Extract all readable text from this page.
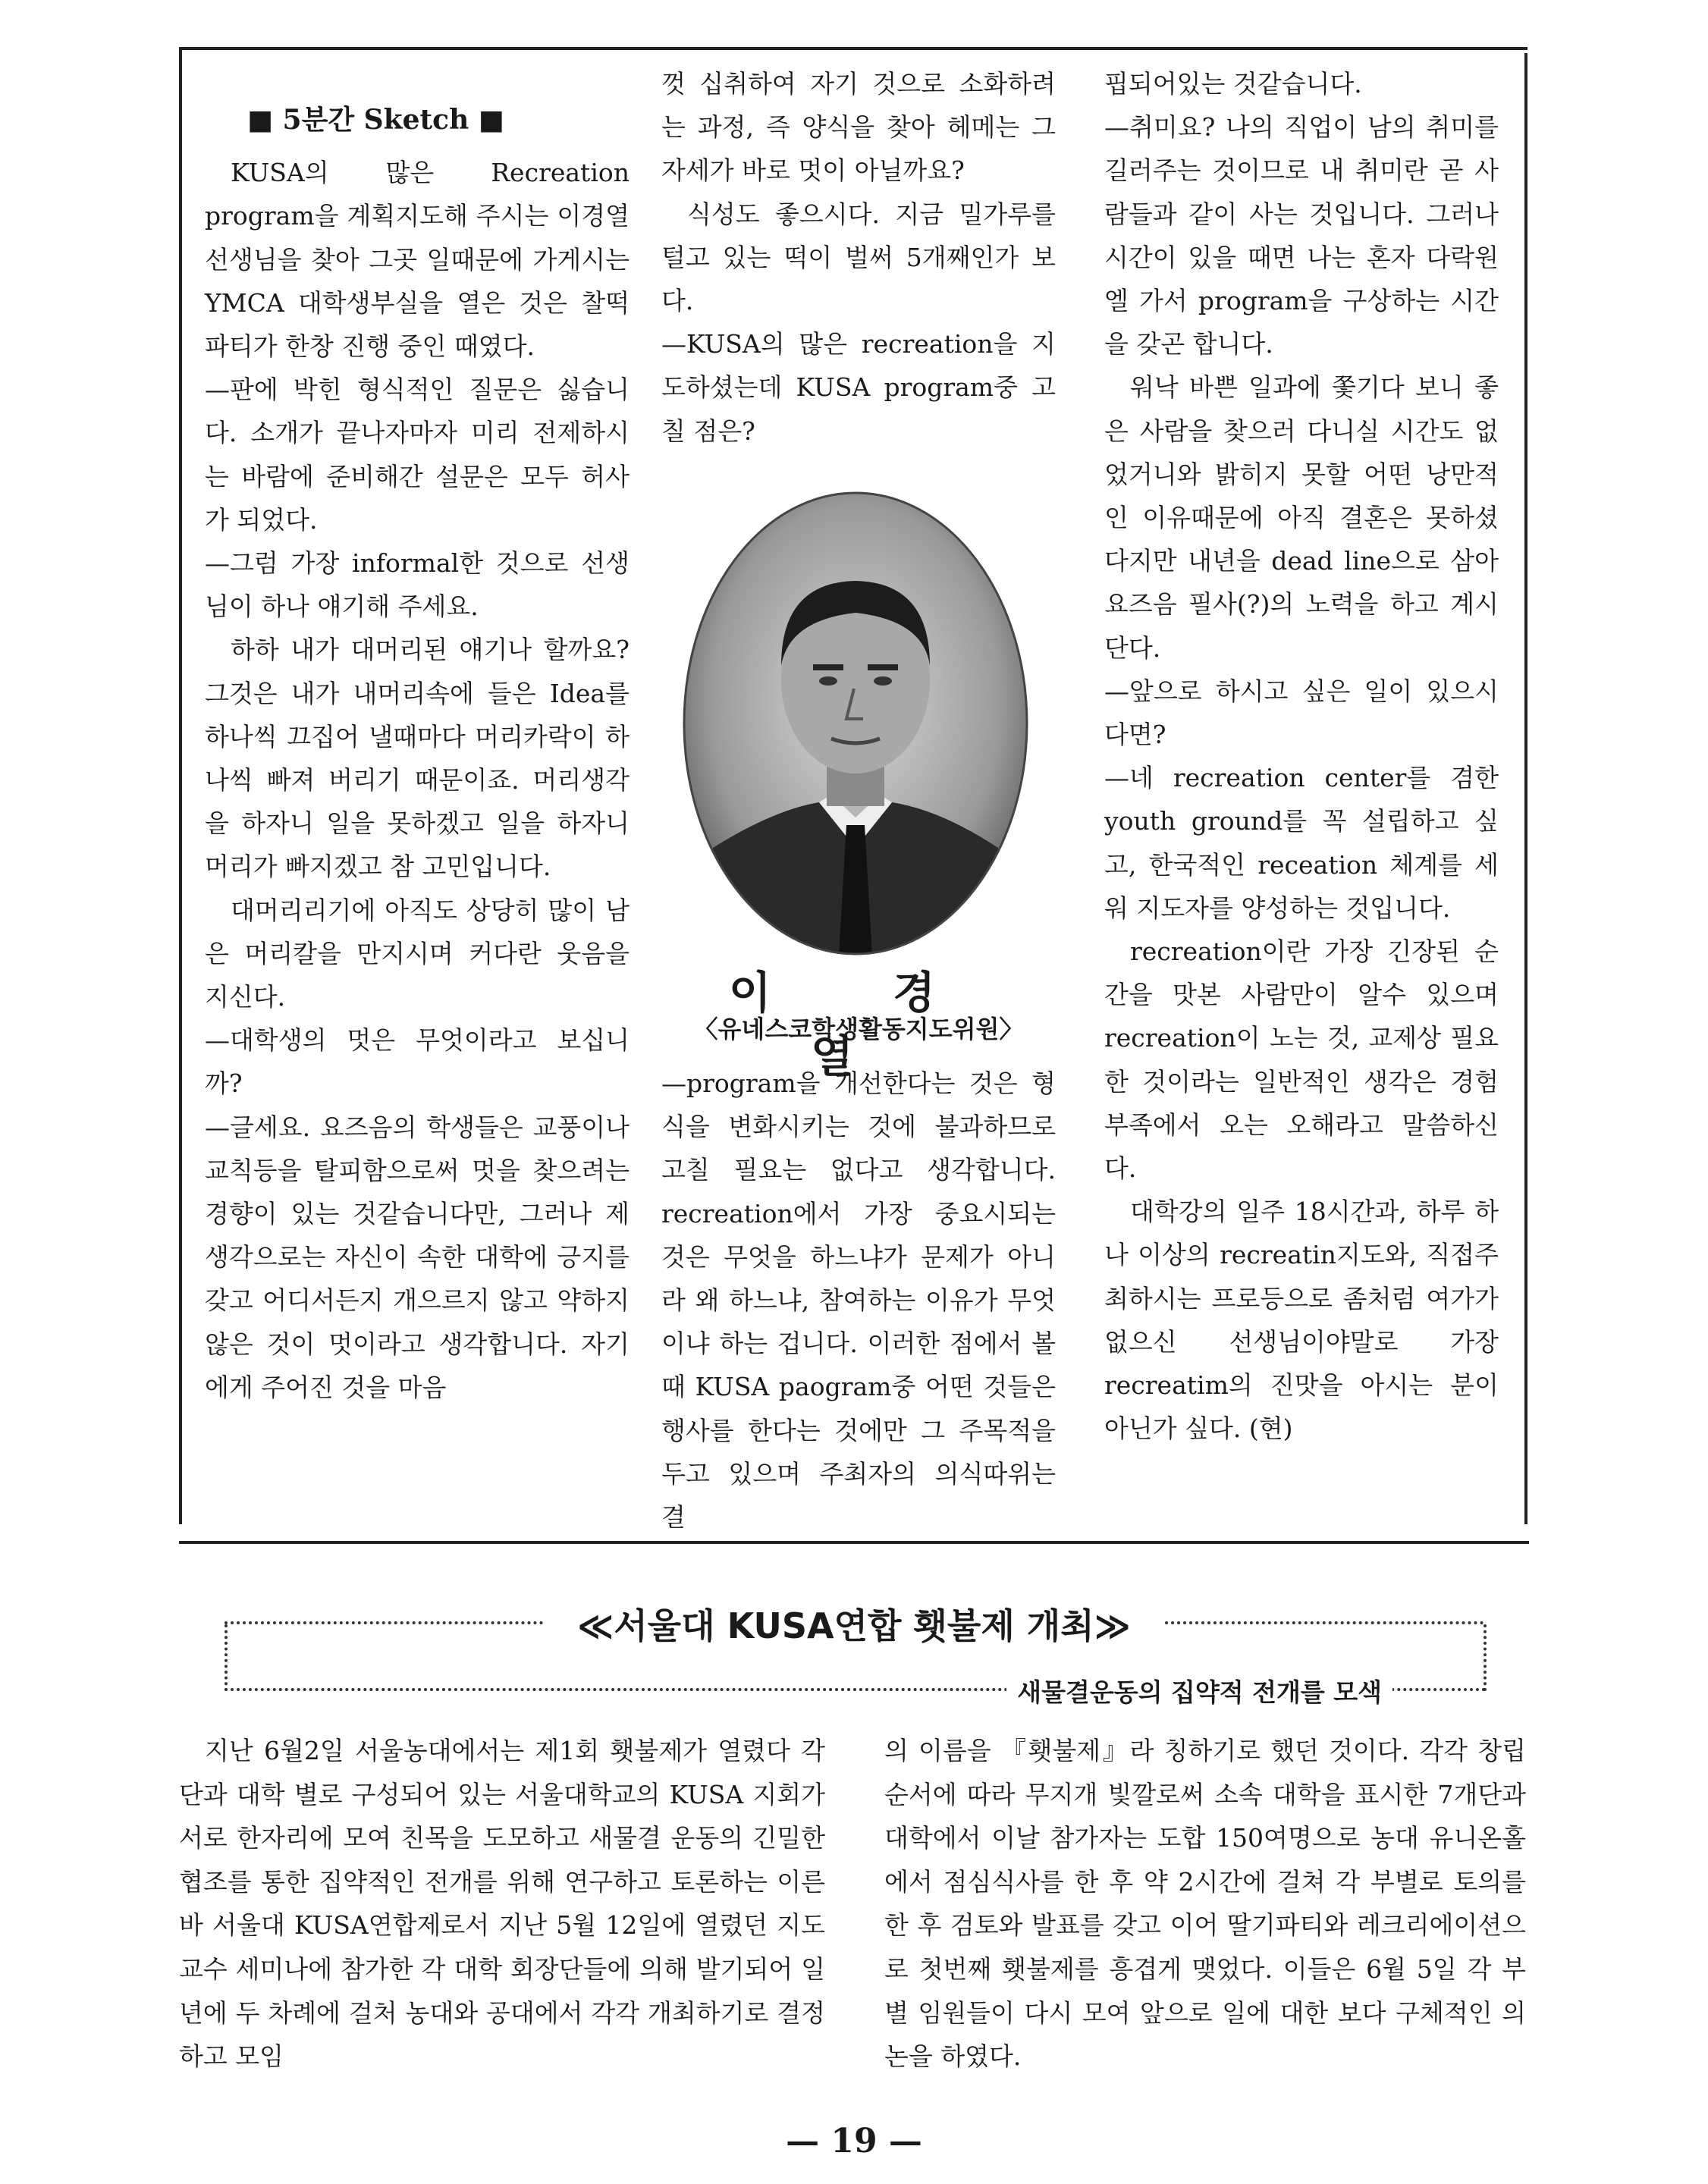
■ 5분간 Sketch ■

KUSA의 많은 Recreation program을 계획지도해 주시는 이경열선생님을 찾아 그곳 일때문에 가게시는 YMCA 대학생부실을 열은 것은 찰떡파티가 한창 진행 중인 때였다.

—판에 박힌 형식적인 질문은 싫습니다. 소개가 끝나자마자 미리 전제하시는 바람에 준비해간 설문은 모두 허사가 되었다.

—그럼 가장 informal한 것으로 선생님이 하나 얘기해 주세요.

하하 내가 대머리된 얘기나 할까요? 그것은 내가 내머리속에 들은 Idea를 하나씩 끄집어 낼때마다 머리카락이 하나씩 빠져 버리기 때문이죠. 머리생각을 하자니 일을 못하겠고 일을 하자니 머리가 빠지겠고 참 고민입니다.

대머리리기에 아직도 상당히 많이 남은 머리칼을 만지시며 커다란 웃음을 지신다.

—대학생의 멋은 무엇이라고 보십니까?

—글세요. 요즈음의 학생들은 교풍이나 교칙등을 탈피함으로써 멋을 찾으려는 경향이 있는 것같습니다만, 그러나 제생각으로는 자신이 속한 대학에 긍지를 갖고 어디서든지 개으르지 않고 약하지 않은 것이 멋이라고 생각합니다. 자기에게 주어진 것을 마음

껏 십취하여 자기 것으로 소화하려는 과정, 즉 양식을 찾아 헤메는 그 자세가 바로 멋이 아닐까요?

식성도 좋으시다. 지금 밀가루를 털고 있는 떡이 벌써 5개째인가 보다.

—KUSA의 많은 recreation을 지도하셨는데 KUSA program중 고칠 점은?

이 경 열
〈유네스코학생활동지도위원〉

—program을 개선한다는 것은 형식을 변화시키는 것에 불과하므로 고칠 필요는 없다고 생각합니다. recreation에서 가장 중요시되는 것은 무엇을 하느냐가 문제가 아니라 왜 하느냐, 참여하는 이유가 무엇이냐 하는 겁니다. 이러한 점에서 볼때 KUSA paogram중 어떤 것들은 행사를 한다는 것에만 그 주목적을 두고 있으며 주최자의 의식따위는 결

핍되어있는 것같습니다.

—취미요? 나의 직업이 남의 취미를 길러주는 것이므로 내 취미란 곧 사람들과 같이 사는 것입니다. 그러나 시간이 있을 때면 나는 혼자 다락원엘 가서 program을 구상하는 시간을 갖곤 합니다.

워낙 바쁜 일과에 쫓기다 보니 좋은 사람을 찾으러 다니실 시간도 없었거니와 밝히지 못할 어떤 낭만적인 이유때문에 아직 결혼은 못하셨다지만 내년을 dead line으로 삼아 요즈음 필사(?)의 노력을 하고 계시단다.

—앞으로 하시고 싶은 일이 있으시다면?

—네 recreation center를 겸한 youth ground를 꼭 설립하고 싶고, 한국적인 receation 체계를 세워 지도자를 양성하는 것입니다.

recreation이란 가장 긴장된 순간을 맛본 사람만이 알수 있으며 recreation이 노는 것, 교제상 필요한 것이라는 일반적인 생각은 경험부족에서 오는 오해라고 말씀하신다.

대학강의 일주 18시간과, 하루 하나 이상의 recreatin지도와, 직접주최하시는 프로등으로 좀처럼 여가가 없으신 선생님이야말로 가장 recreatim의 진맛을 아시는 분이 아닌가 싶다. (현)

≪서울대 KUSA연합 횃불제 개최≫
새물결운동의 집약적 전개를 모색

지난 6월2일 서울농대에서는 제1회 횃불제가 열렸다 각 단과 대학 별로 구성되어 있는 서울대학교의 KUSA 지회가 서로 한자리에 모여 친목을 도모하고 새물결 운동의 긴밀한 협조를 통한 집약적인 전개를 위해 연구하고 토론하는 이른바 서울대 KUSA연합제로서 지난 5월 12일에 열렸던 지도교수 세미나에 참가한 각 대학 회장단들에 의해 발기되어 일년에 두 차례에 걸처 농대와 공대에서 각각 개최하기로 결정하고 모임

의 이름을 『횃불제』라 칭하기로 했던 것이다. 각각 창립 순서에 따라 무지개 빛깔로써 소속 대학을 표시한 7개단과 대학에서 이날 참가자는 도합 150여명으로 농대 유니온홀에서 점심식사를 한 후 약 2시간에 걸쳐 각 부별로 토의를 한 후 검토와 발표를 갖고 이어 딸기파티와 레크리에이션으로 첫번째 횃불제를 흥겹게 맺었다. 이들은 6월 5일 각 부별 임원들이 다시 모여 앞으로 일에 대한 보다 구체적인 의논을 하였다.

— 19 —
